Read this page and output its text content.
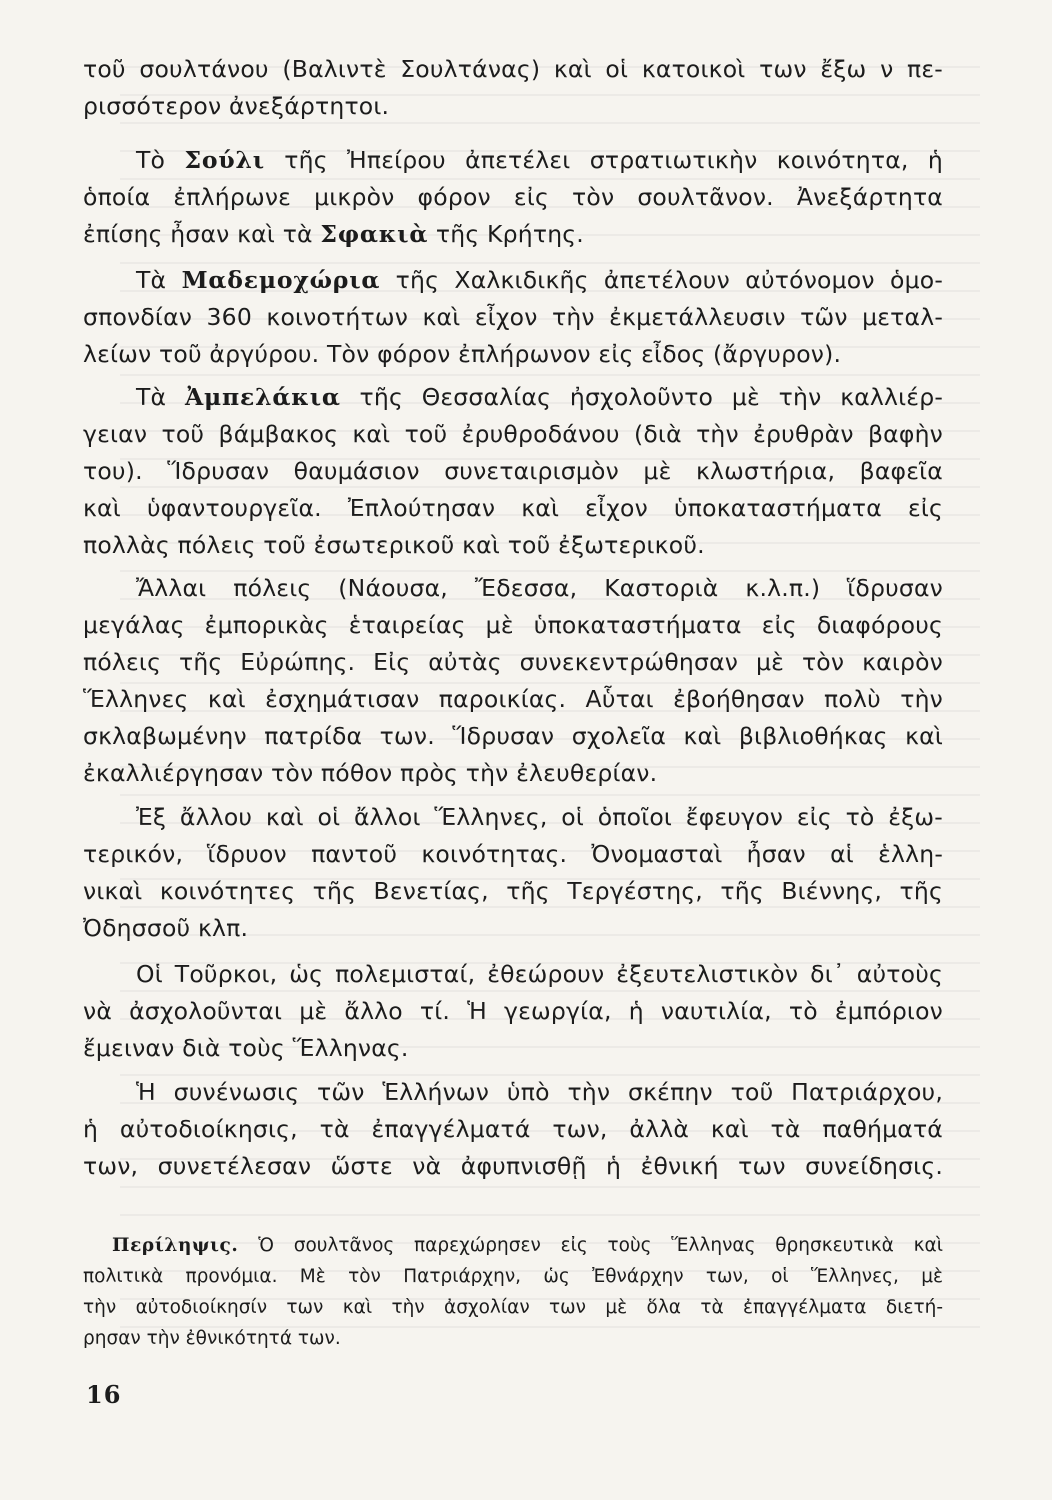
τοῦ σουλτάνου (Βαλιντὲ Σουλτάνας) καὶ οἱ κατοικοὶ των ἔξω ν πε-
ρισσότερον ἀνεξάρτητοι.
Τὸ Σούλι τῆς Ἠπείρου ἀπετέλει στρατιωτικὴν κοινότητα, ἡ
ὁποία ἐπλήρωνε μικρὸν φόρον εἰς τὸν σουλτᾶνον. Ἀνεξάρτητα
ἐπίσης ἦσαν καὶ τὰ Σφακιὰ τῆς Κρήτης.
Τὰ Μαδεμοχώρια τῆς Χαλκιδικῆς ἀπετέλουν αὐτόνομον ὁμο-
σπονδίαν 360 κοινοτήτων καὶ εἶχον τὴν ἐκμετάλλευσιν τῶν μεταλ-
λείων τοῦ ἀργύρου. Τὸν φόρον ἐπλήρωνον εἰς εἶδος (ἄργυρον).
Τὰ Ἀμπελάκια τῆς Θεσσαλίας ἠσχολοῦντο μὲ τὴν καλλιέρ-
γειαν τοῦ βάμβακος καὶ τοῦ ἐρυθροδάνου (διὰ τὴν ἐρυθρὰν βαφὴν
του). Ἵδρυσαν θαυμάσιον συνεταιρισμὸν μὲ κλωστήρια, βαφεῖα
καὶ ὑφαντουργεῖα. Ἐπλούτησαν καὶ εἶχον ὑποκαταστήματα εἰς
πολλὰς πόλεις τοῦ ἐσωτερικοῦ καὶ τοῦ ἐξωτερικοῦ.
Ἄλλαι πόλεις (Νάουσα, Ἔδεσσα, Καστοριὰ κ.λ.π.) ἵδρυσαν
μεγάλας ἐμπορικὰς ἑταιρείας μὲ ὑποκαταστήματα εἰς διαφόρους
πόλεις τῆς Εὐρώπης. Εἰς αὐτὰς συνεκεντρώθησαν μὲ τὸν καιρὸν
Ἕλληνες καὶ ἐσχημάτισαν παροικίας. Αὗται ἐβοήθησαν πολὺ τὴν
σκλαβωμένην πατρίδα των. Ἵδρυσαν σχολεῖα καὶ βιβλιοθήκας καὶ
ἐκαλλιέργησαν τὸν πόθον πρὸς τὴν ἐλευθερίαν.
Ἐξ ἄλλου καὶ οἱ ἄλλοι Ἕλληνες, οἱ ὁποῖοι ἔφευγον εἰς τὸ ἐξω-
τερικόν, ἵδρυον παντοῦ κοινότητας. Ὀνομασταὶ ἦσαν αἱ ἑλλη-
νικαὶ κοινότητες τῆς Βενετίας, τῆς Τεργέστης, τῆς Βιέννης, τῆς
Ὀδησσοῦ κλπ.
Οἱ Τοῦρκοι, ὡς πολεμισταί, ἐθεώρουν ἐξευτελιστικὸν δι᾽ αὐτοὺς
νὰ ἀσχολοῦνται μὲ ἄλλο τί. Ἡ γεωργία, ἡ ναυτιλία, τὸ ἐμπόριον
ἔμειναν διὰ τοὺς Ἕλληνας.
Ἡ συνένωσις τῶν Ἑλλήνων ὑπὸ τὴν σκέπην τοῦ Πατριάρχου,
ἡ αὐτοδιοίκησις, τὰ ἐπαγγέλματά των, ἀλλὰ καὶ τὰ παθήματά
των, συνετέλεσαν ὥστε νὰ ἀφυπνισθῇ ἡ ἐθνική των συνείδησις.
Περίληψις. Ὁ σουλτᾶνος παρεχώρησεν εἰς τοὺς Ἕλληνας θρησκευτικὰ καὶ
πολιτικὰ προνόμια. Μὲ τὸν Πατριάρχην, ὡς Ἐθνάρχην των, οἱ Ἕλληνες, μὲ
τὴν αὐτοδιοίκησίν των καὶ τὴν ἀσχολίαν των μὲ ὅλα τὰ ἐπαγγέλματα διετή-
ρησαν τὴν ἐθνικότητά των.
16
